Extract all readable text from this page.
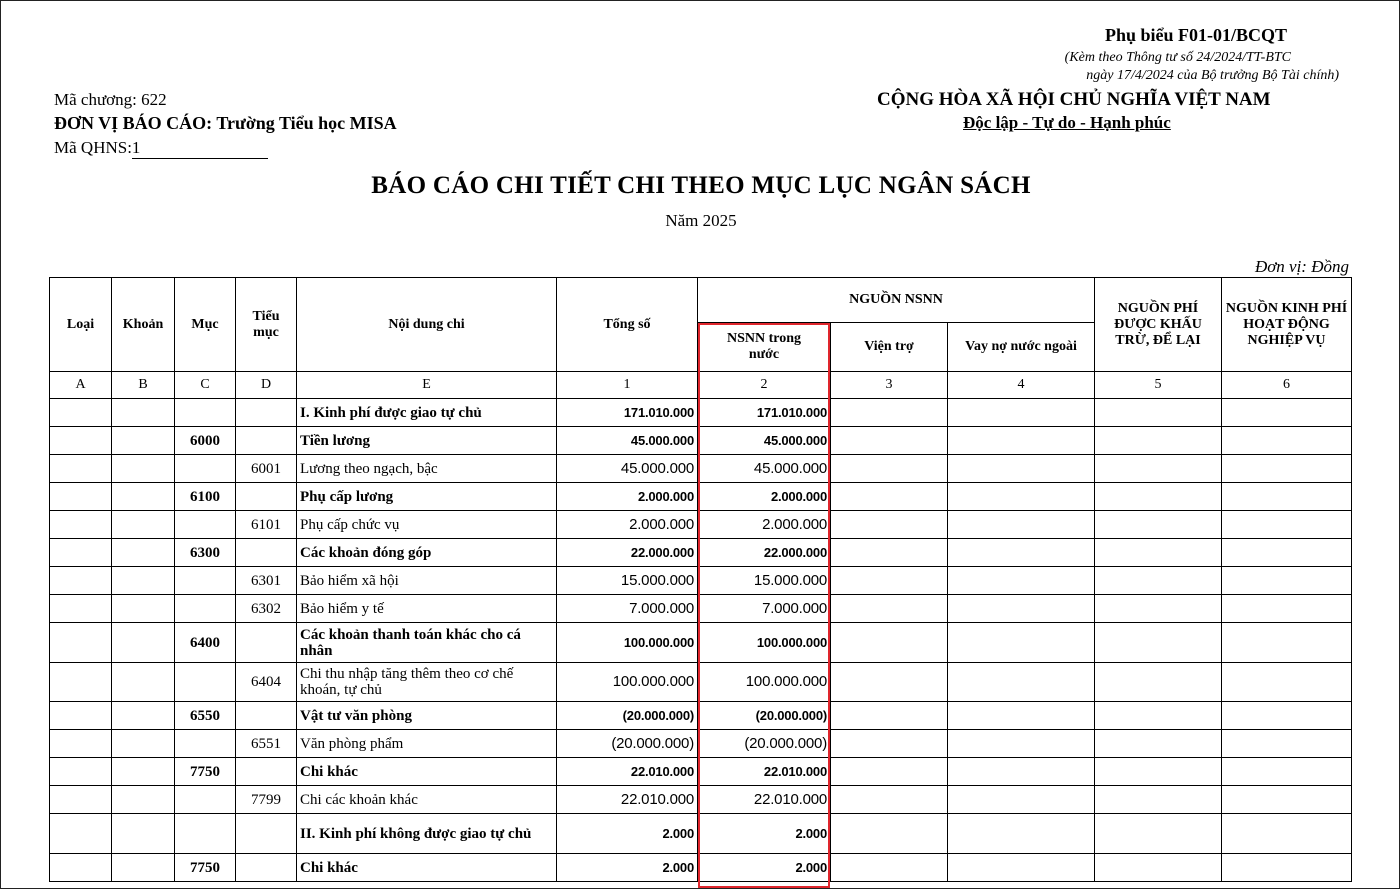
Phụ biểu F01-01/BCQT
(Kèm theo Thông tư số 24/2024/TT-BTC
ngày 17/4/2024 của Bộ trưởng Bộ Tài chính)
CỘNG HÒA XÃ HỘI CHỦ NGHĨA VIỆT NAM
Độc lập - Tự do - Hạnh phúc
Mã chương: 622
ĐƠN VỊ BÁO CÁO: Trường Tiểu học MISA
Mã QHNS:1
BÁO CÁO CHI TIẾT CHI THEO MỤC LỤC NGÂN SÁCH
Năm 2025
Đơn vị: Đồng
Loại	Khoản	Mục	Tiểu mục	Nội dung chi	Tổng số	NGUỒN NSNN			NGUỒN PHÍ ĐƯỢC KHẤU TRỪ, ĐỂ LẠI	NGUỒN KINH PHÍ HOẠT ĐỘNG NGHIỆP VỤ
						NSNN trong nước	Viện trợ	Vay nợ nước ngoài		
A	B	C	D	E	1	2	3	4	5	6
				I. Kinh phí được giao tự chủ	171.010.000	171.010.000				
		6000		Tiền lương	45.000.000	45.000.000				
			6001	Lương theo ngạch, bậc	45.000.000	45.000.000				
		6100		Phụ cấp lương	2.000.000	2.000.000				
			6101	Phụ cấp chức vụ	2.000.000	2.000.000				
		6300		Các khoản đóng góp	22.000.000	22.000.000				
			6301	Bảo hiểm xã hội	15.000.000	15.000.000				
			6302	Bảo hiểm y tế	7.000.000	7.000.000				
		6400		Các khoản thanh toán khác cho cá nhân	100.000.000	100.000.000				
			6404	Chi thu nhập tăng thêm theo cơ chế khoán, tự chủ	100.000.000	100.000.000				
		6550		Vật tư văn phòng	(20.000.000)	(20.000.000)				
			6551	Văn phòng phẩm	(20.000.000)	(20.000.000)				
		7750		Chi khác	22.010.000	22.010.000				
			7799	Chi các khoản khác	22.010.000	22.010.000				
				II. Kinh phí không được giao tự chủ	2.000	2.000				
		7750		Chi khác	2.000	2.000				
